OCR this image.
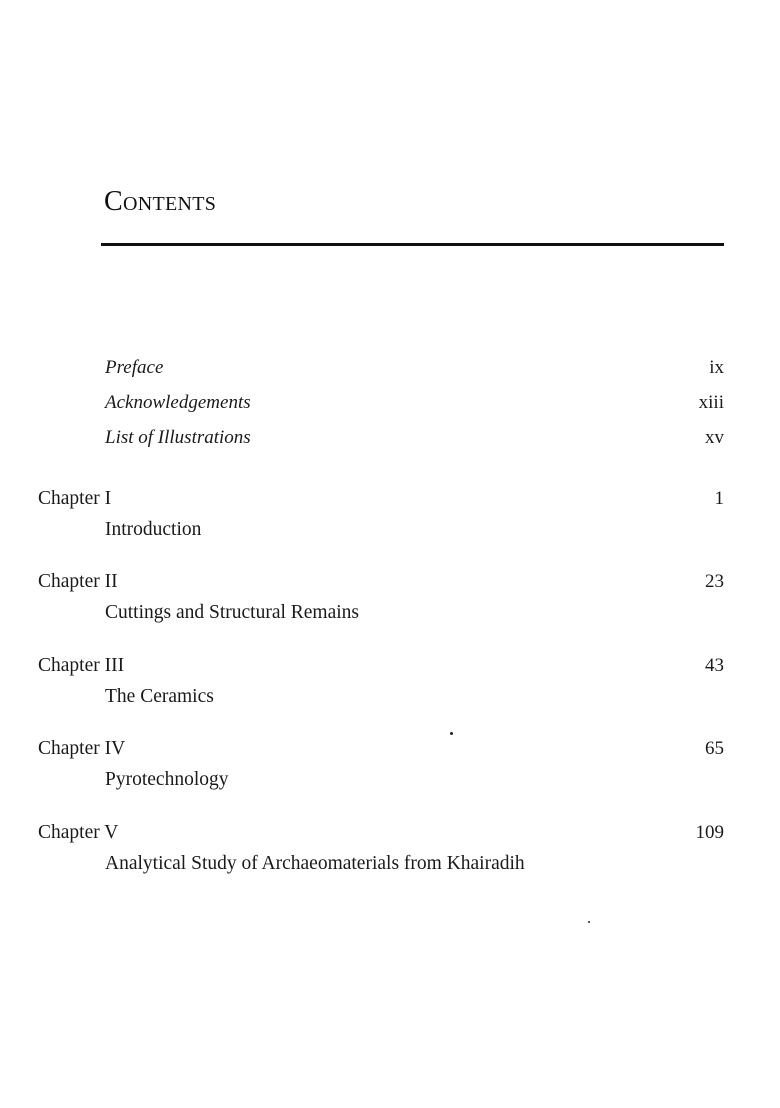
Contents
Preface	ix
Acknowledgements	xiii
List of Illustrations	xv
Chapter I	1
Introduction
Chapter II	23
Cuttings and Structural Remains
Chapter III	43
The Ceramics
Chapter IV	65
Pyrotechnology
Chapter V	109
Analytical Study of Archaeomaterials from Khairadih
